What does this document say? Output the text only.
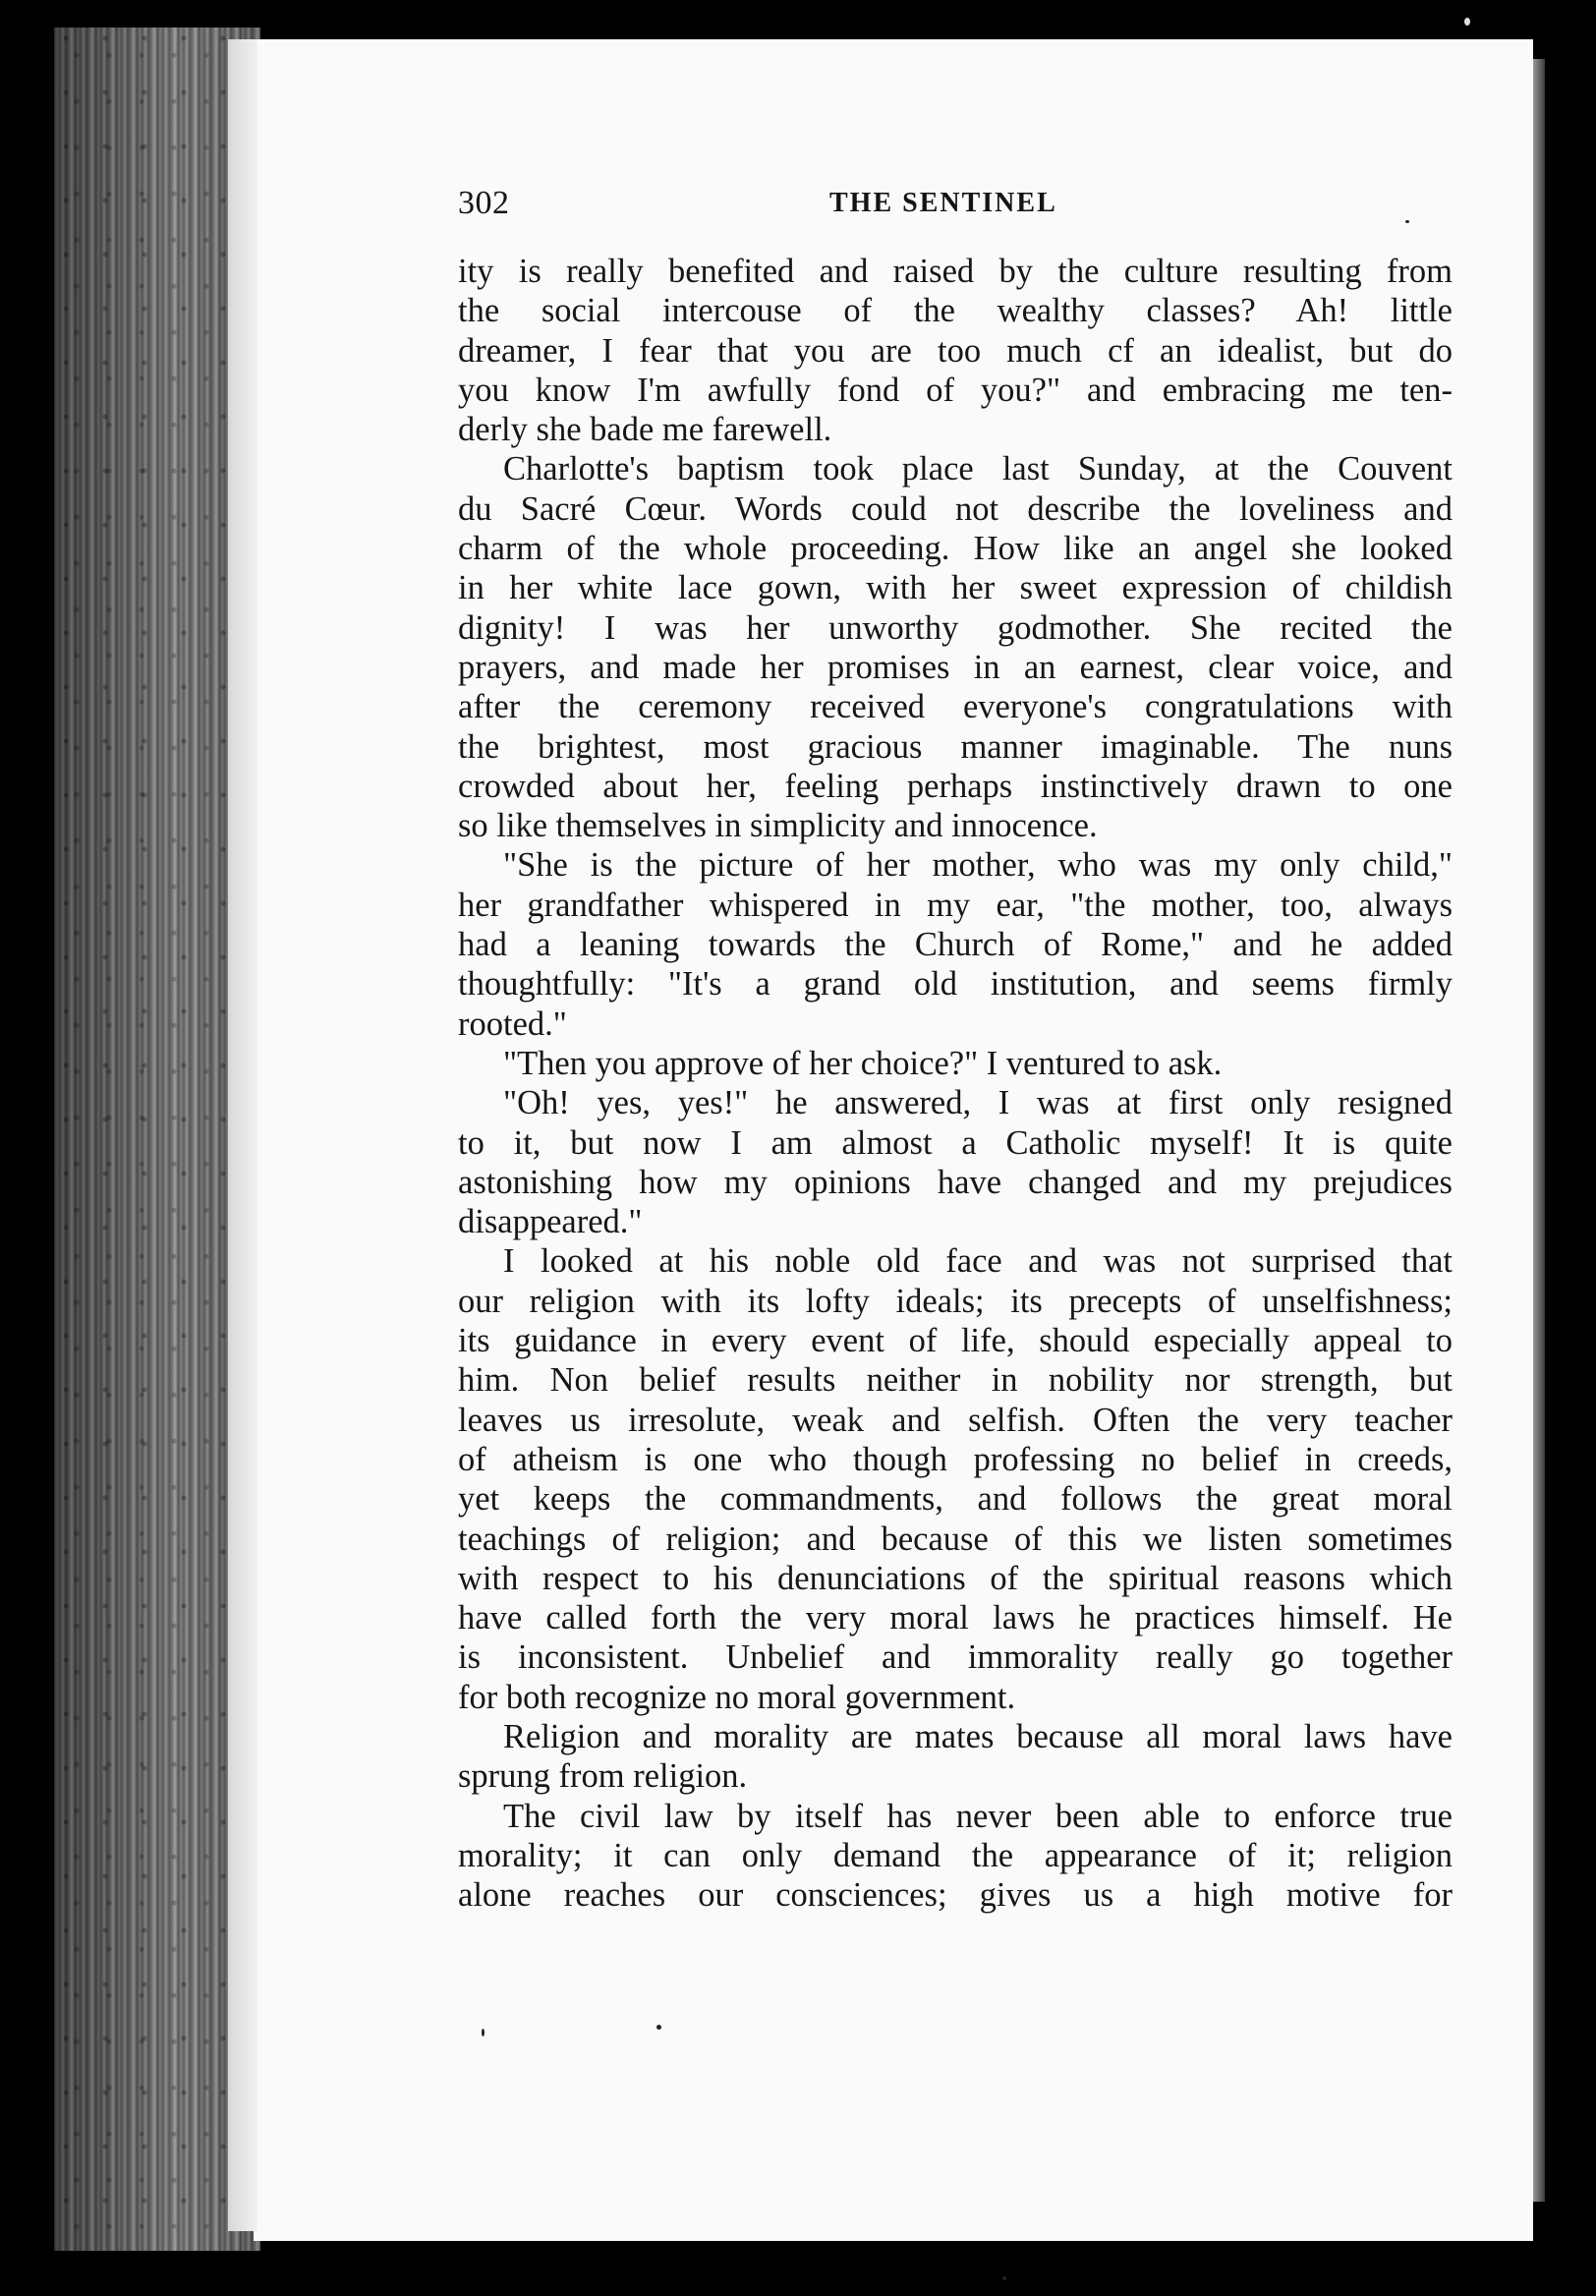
302	THE SENTINEL
ity is really benefited and raised by the culture resulting from
the social intercouse of the wealthy classes? Ah! little
dreamer, I fear that you are too much cf an idealist, but do
you know I'm awfully fond of you?" and embracing me ten-
derly she bade me farewell.
Charlotte's baptism took place last Sunday, at the Couvent
du Sacré Cœur. Words could not describe the loveliness and
charm of the whole proceeding. How like an angel she looked
in her white lace gown, with her sweet expression of childish
dignity! I was her unworthy godmother. She recited the
prayers, and made her promises in an earnest, clear voice, and
after the ceremony received everyone's congratulations with
the brightest, most gracious manner imaginable. The nuns
crowded about her, feeling perhaps instinctively drawn to one
so like themselves in simplicity and innocence.
"She is the picture of her mother, who was my only child,"
her grandfather whispered in my ear, "the mother, too, always
had a leaning towards the Church of Rome," and he added
thoughtfully: "It's a grand old institution, and seems firmly
rooted."
"Then you approve of her choice?" I ventured to ask.
"Oh! yes, yes!" he answered, I was at first only resigned
to it, but now I am almost a Catholic myself! It is quite
astonishing how my opinions have changed and my prejudices
disappeared."
I looked at his noble old face and was not surprised that
our religion with its lofty ideals; its precepts of unselfishness;
its guidance in every event of life, should especially appeal to
him. Non belief results neither in nobility nor strength, but
leaves us irresolute, weak and selfish. Often the very teacher
of atheism is one who though professing no belief in creeds,
yet keeps the commandments, and follows the great moral
teachings of religion; and because of this we listen sometimes
with respect to his denunciations of the spiritual reasons which
have called forth the very moral laws he practices himself. He
is inconsistent. Unbelief and immorality really go together
for both recognize no moral government.
Religion and morality are mates because all moral laws have
sprung from religion.
The civil law by itself has never been able to enforce true
morality; it can only demand the appearance of it; religion
alone reaches our consciences; gives us a high motive for
